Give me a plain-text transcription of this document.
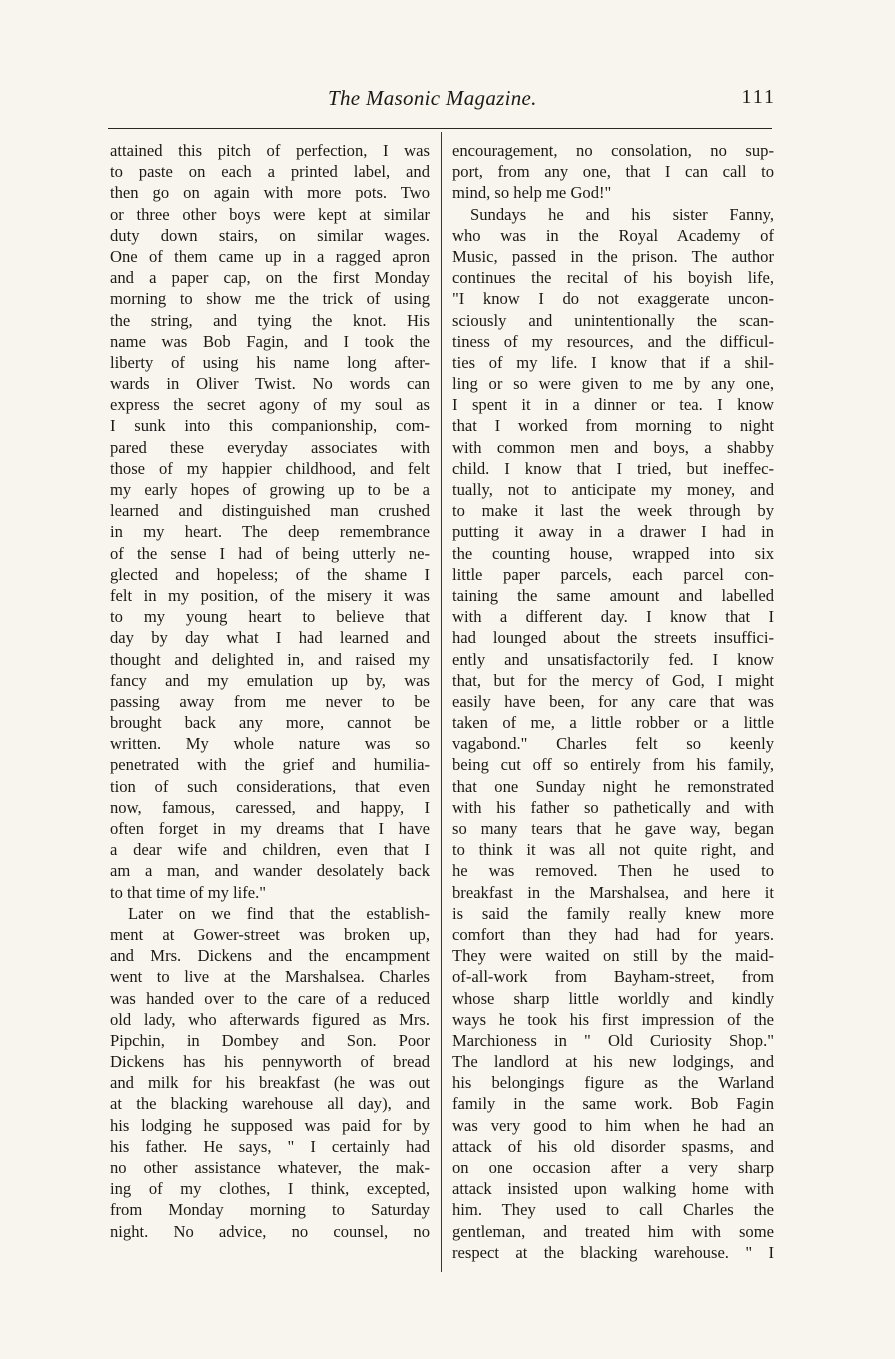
The Masonic Magazine.	111
attained this pitch of perfection, I was
to paste on each a printed label, and
then go on again with more pots. Two
or three other boys were kept at similar
duty down stairs, on similar wages.
One of them came up in a ragged apron
and a paper cap, on the first Monday
morning to show me the trick of using
the string, and tying the knot. His
name was Bob Fagin, and I took the
liberty of using his name long after-
wards in Oliver Twist. No words can
express the secret agony of my soul as
I sunk into this companionship, com-
pared these everyday associates with
those of my happier childhood, and felt
my early hopes of growing up to be a
learned and distinguished man crushed
in my heart. The deep remembrance
of the sense I had of being utterly ne-
glected and hopeless; of the shame I
felt in my position, of the misery it was
to my young heart to believe that
day by day what I had learned and
thought and delighted in, and raised my
fancy and my emulation up by, was
passing away from me never to be
brought back any more, cannot be
written. My whole nature was so
penetrated with the grief and humilia-
tion of such considerations, that even
now, famous, caressed, and happy, I
often forget in my dreams that I have
a dear wife and children, even that I
am a man, and wander desolately back
to that time of my life."
Later on we find that the establish-
ment at Gower-street was broken up,
and Mrs. Dickens and the encampment
went to live at the Marshalsea. Charles
was handed over to the care of a reduced
old lady, who afterwards figured as Mrs.
Pipchin, in Dombey and Son. Poor
Dickens has his pennyworth of bread
and milk for his breakfast (he was out
at the blacking warehouse all day), and
his lodging he supposed was paid for by
his father. He says, " I certainly had
no other assistance whatever, the mak-
ing of my clothes, I think, excepted,
from Monday morning to Saturday
night. No advice, no counsel, no
encouragement, no consolation, no sup-
port, from any one, that I can call to
mind, so help me God!"
Sundays he and his sister Fanny,
who was in the Royal Academy of
Music, passed in the prison. The author
continues the recital of his boyish life,
"I know I do not exaggerate uncon-
sciously and unintentionally the scan-
tiness of my resources, and the difficul-
ties of my life. I know that if a shil-
ling or so were given to me by any one,
I spent it in a dinner or tea. I know
that I worked from morning to night
with common men and boys, a shabby
child. I know that I tried, but ineffec-
tually, not to anticipate my money, and
to make it last the week through by
putting it away in a drawer I had in
the counting house, wrapped into six
little paper parcels, each parcel con-
taining the same amount and labelled
with a different day. I know that I
had lounged about the streets insuffici-
ently and unsatisfactorily fed. I know
that, but for the mercy of God, I might
easily have been, for any care that was
taken of me, a little robber or a little
vagabond." Charles felt so keenly
being cut off so entirely from his family,
that one Sunday night he remonstrated
with his father so pathetically and with
so many tears that he gave way, began
to think it was all not quite right, and
he was removed. Then he used to
breakfast in the Marshalsea, and here it
is said the family really knew more
comfort than they had had for years.
They were waited on still by the maid-
of-all-work from Bayham-street, from
whose sharp little worldly and kindly
ways he took his first impression of the
Marchioness in " Old Curiosity Shop."
The landlord at his new lodgings, and
his belongings figure as the Warland
family in the same work. Bob Fagin
was very good to him when he had an
attack of his old disorder spasms, and
on one occasion after a very sharp
attack insisted upon walking home with
him. They used to call Charles the
gentleman, and treated him with some
respect at the blacking warehouse. " I
